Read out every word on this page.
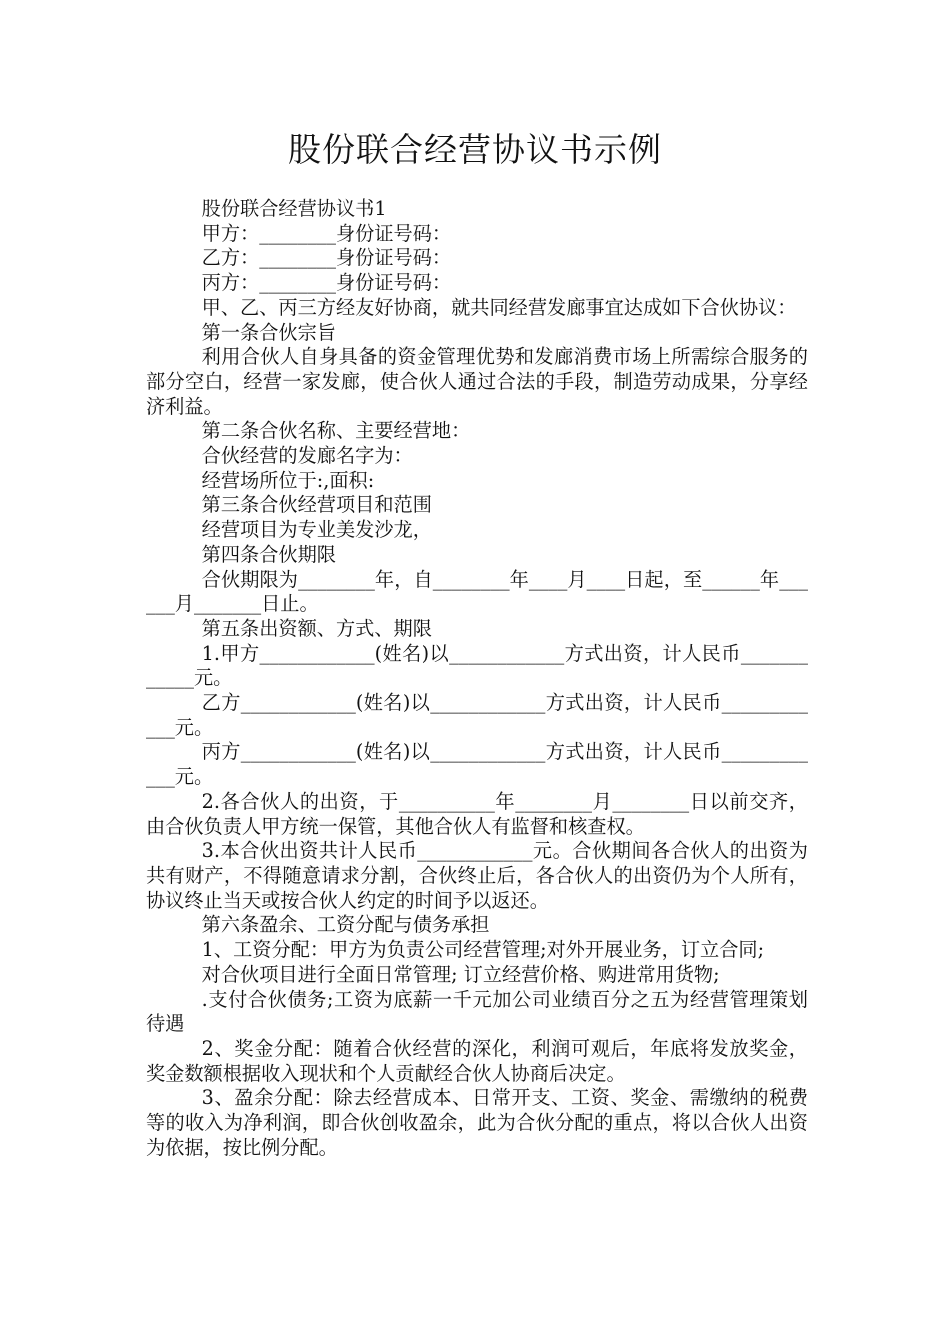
股份联合经营协议书示例

股份联合经营协议书1

甲方：________身份证号码：

乙方：________身份证号码：

丙方：________身份证号码：

甲、乙、丙三方经友好协商，就共同经营发廊事宜达成如下合伙协议：

第一条合伙宗旨

利用合伙人自身具备的资金管理优势和发廊消费市场上所需综合服务的部分空白，经营一家发廊，使合伙人通过合法的手段，制造劳动成果，分享经济利益。

第二条合伙名称、主要经营地：

合伙经营的发廊名字为：

经营场所位于:,面积:

第三条合伙经营项目和范围

经营项目为专业美发沙龙，

第四条合伙期限

合伙期限为________年，自________年____月____日起，至______年______月_______日止。

第五条出资额、方式、期限

1.甲方____________(姓名)以____________方式出资，计人民币____________元。

乙方____________(姓名)以____________方式出资，计人民币____________元。

丙方____________(姓名)以____________方式出资，计人民币____________元。

2.各合伙人的出资，于__________年________月________日以前交齐，由合伙负责人甲方统一保管，其他合伙人有监督和核查权。

3.本合伙出资共计人民币____________元。合伙期间各合伙人的出资为共有财产，不得随意请求分割，合伙终止后，各合伙人的出资仍为个人所有，协议终止当天或按合伙人约定的时间予以返还。

第六条盈余、工资分配与债务承担

1、工资分配：甲方为负责公司经营管理;对外开展业务，订立合同;

对合伙项目进行全面日常管理; 订立经营价格、购进常用货物;

.支付合伙债务;工资为底薪一千元加公司业绩百分之五为经营管理策划待遇

2、奖金分配：随着合伙经营的深化，利润可观后，年底将发放奖金，奖金数额根据收入现状和个人贡献经合伙人协商后决定。

3、盈余分配：除去经营成本、日常开支、工资、奖金、需缴纳的税费等的收入为净利润，即合伙创收盈余，此为合伙分配的重点，将以合伙人出资为依据，按比例分配。
